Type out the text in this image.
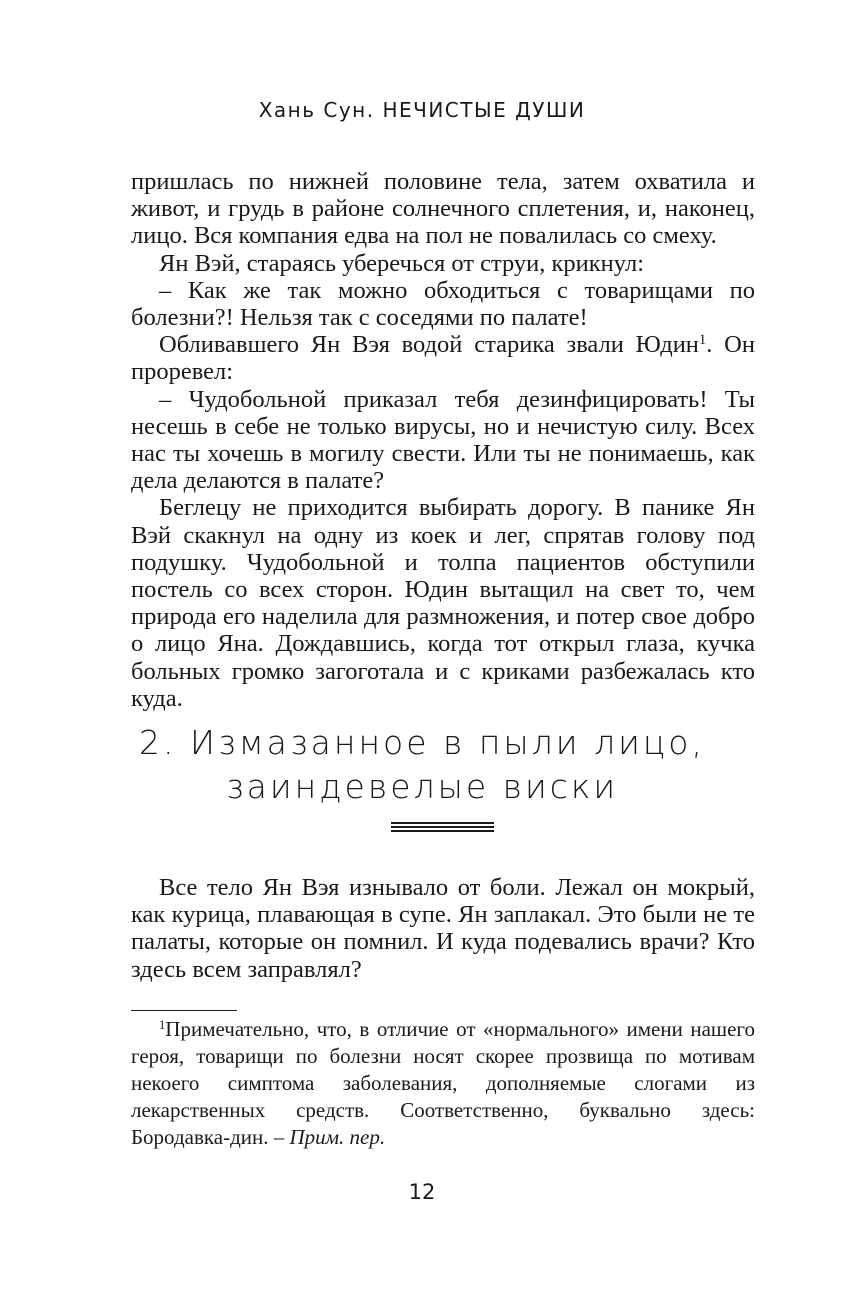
Хань Сун. НЕЧИСТЫЕ ДУШИ

пришлась по нижней половине тела, затем охватила и живот, и грудь в районе солнечного сплетения, и, наконец, лицо. Вся компания едва на пол не повалилась со смеху.

Ян Вэй, стараясь уберечься от струи, крикнул:

– Как же так можно обходиться с товарищами по болезни?! Нельзя так с соседями по палате!

Обливавшего Ян Вэя водой старика звали Юдин$^1$. Он проревел:

– Чудобольной приказал тебя дезинфицировать! Ты несешь в себе не только вирусы, но и нечистую силу. Всех нас ты хочешь в могилу свести. Или ты не понимаешь, как дела делаются в палате?

Беглецу не приходится выбирать дорогу. В панике Ян Вэй скакнул на одну из коек и лег, спрятав голову под подушку. Чудобольной и толпа пациентов обступили постель со всех сторон. Юдин вытащил на свет то, чем природа его наделила для размножения, и потер свое добро о лицо Яна. Дождавшись, когда тот открыл глаза, кучка больных громко загоготала и с криками разбежалась кто куда.

2. Измазанное в пыли лицо,
заиндевелые виски

Все тело Ян Вэя изнывало от боли. Лежал он мокрый, как курица, плавающая в супе. Ян заплакал. Это были не те палаты, которые он помнил. И куда подевались врачи? Кто здесь всем заправлял?

$^1$Примечательно, что, в отличие от «нормального» имени нашего героя, товарищи по болезни носят скорее прозвища по мотивам некоего симптома заболевания, дополняемые слогами из лекарственных средств. Соответственно, буквально здесь: Бородавка-дин. – Прим. пер.
12
